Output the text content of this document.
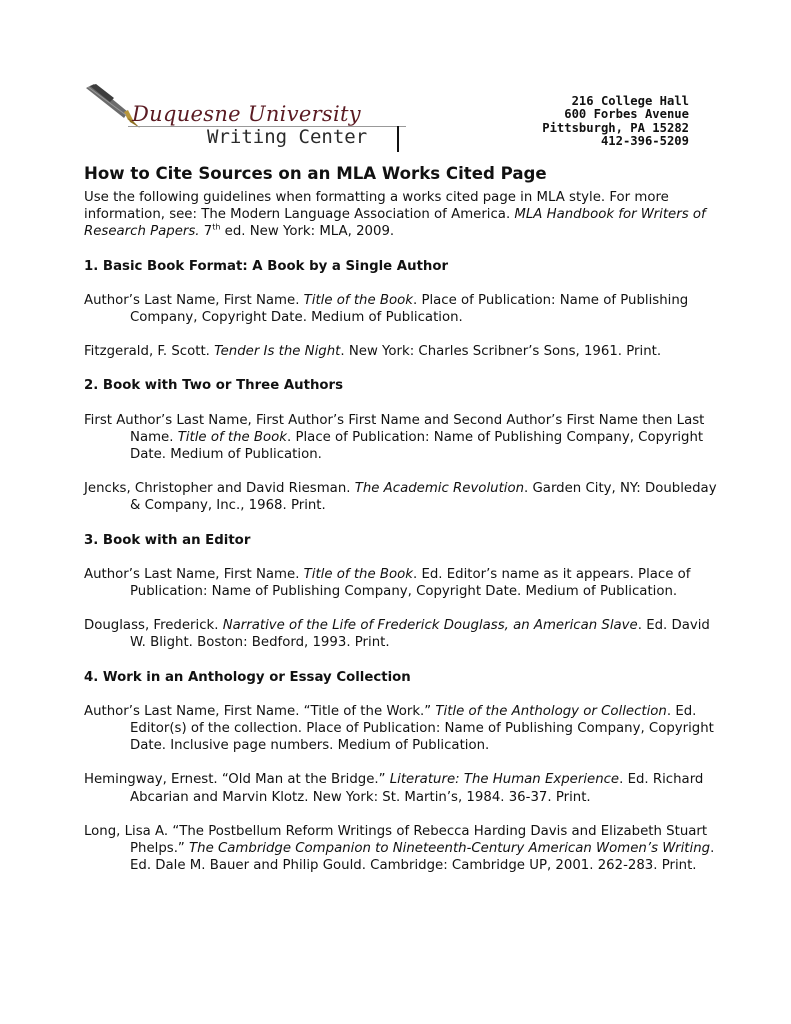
Duquesne University
Writing Center
216 College Hall
600 Forbes Avenue
Pittsburgh, PA 15282
412-396-5209
How to Cite Sources on an MLA Works Cited Page

Use the following guidelines when formatting a works cited page in MLA style. For more information, see: The Modern Language Association of America. MLA Handbook for Writers of Research Papers. 7th ed. New York: MLA, 2009.

1. Basic Book Format: A Book by a Single Author

Author’s Last Name, First Name. Title of the Book. Place of Publication: Name of Publishing Company, Copyright Date. Medium of Publication.

Fitzgerald, F. Scott. Tender Is the Night. New York: Charles Scribner’s Sons, 1961. Print.

2. Book with Two or Three Authors

First Author’s Last Name, First Author’s First Name and Second Author’s First Name then Last Name. Title of the Book. Place of Publication: Name of Publishing Company, Copyright Date. Medium of Publication.

Jencks, Christopher and David Riesman. The Academic Revolution. Garden City, NY: Doubleday & Company, Inc., 1968. Print.

3. Book with an Editor

Author’s Last Name, First Name. Title of the Book. Ed. Editor’s name as it appears. Place of Publication: Name of Publishing Company, Copyright Date. Medium of Publication.

Douglass, Frederick. Narrative of the Life of Frederick Douglass, an American Slave. Ed. David W. Blight. Boston: Bedford, 1993. Print.

4. Work in an Anthology or Essay Collection

Author’s Last Name, First Name. “Title of the Work.” Title of the Anthology or Collection. Ed. Editor(s) of the collection. Place of Publication: Name of Publishing Company, Copyright Date. Inclusive page numbers. Medium of Publication.

Hemingway, Ernest. “Old Man at the Bridge.” Literature: The Human Experience. Ed. Richard Abcarian and Marvin Klotz. New York: St. Martin’s, 1984. 36-37. Print.

Long, Lisa A. “The Postbellum Reform Writings of Rebecca Harding Davis and Elizabeth Stuart Phelps.” The Cambridge Companion to Nineteenth-Century American Women’s Writing. Ed. Dale M. Bauer and Philip Gould. Cambridge: Cambridge UP, 2001. 262-283. Print.
